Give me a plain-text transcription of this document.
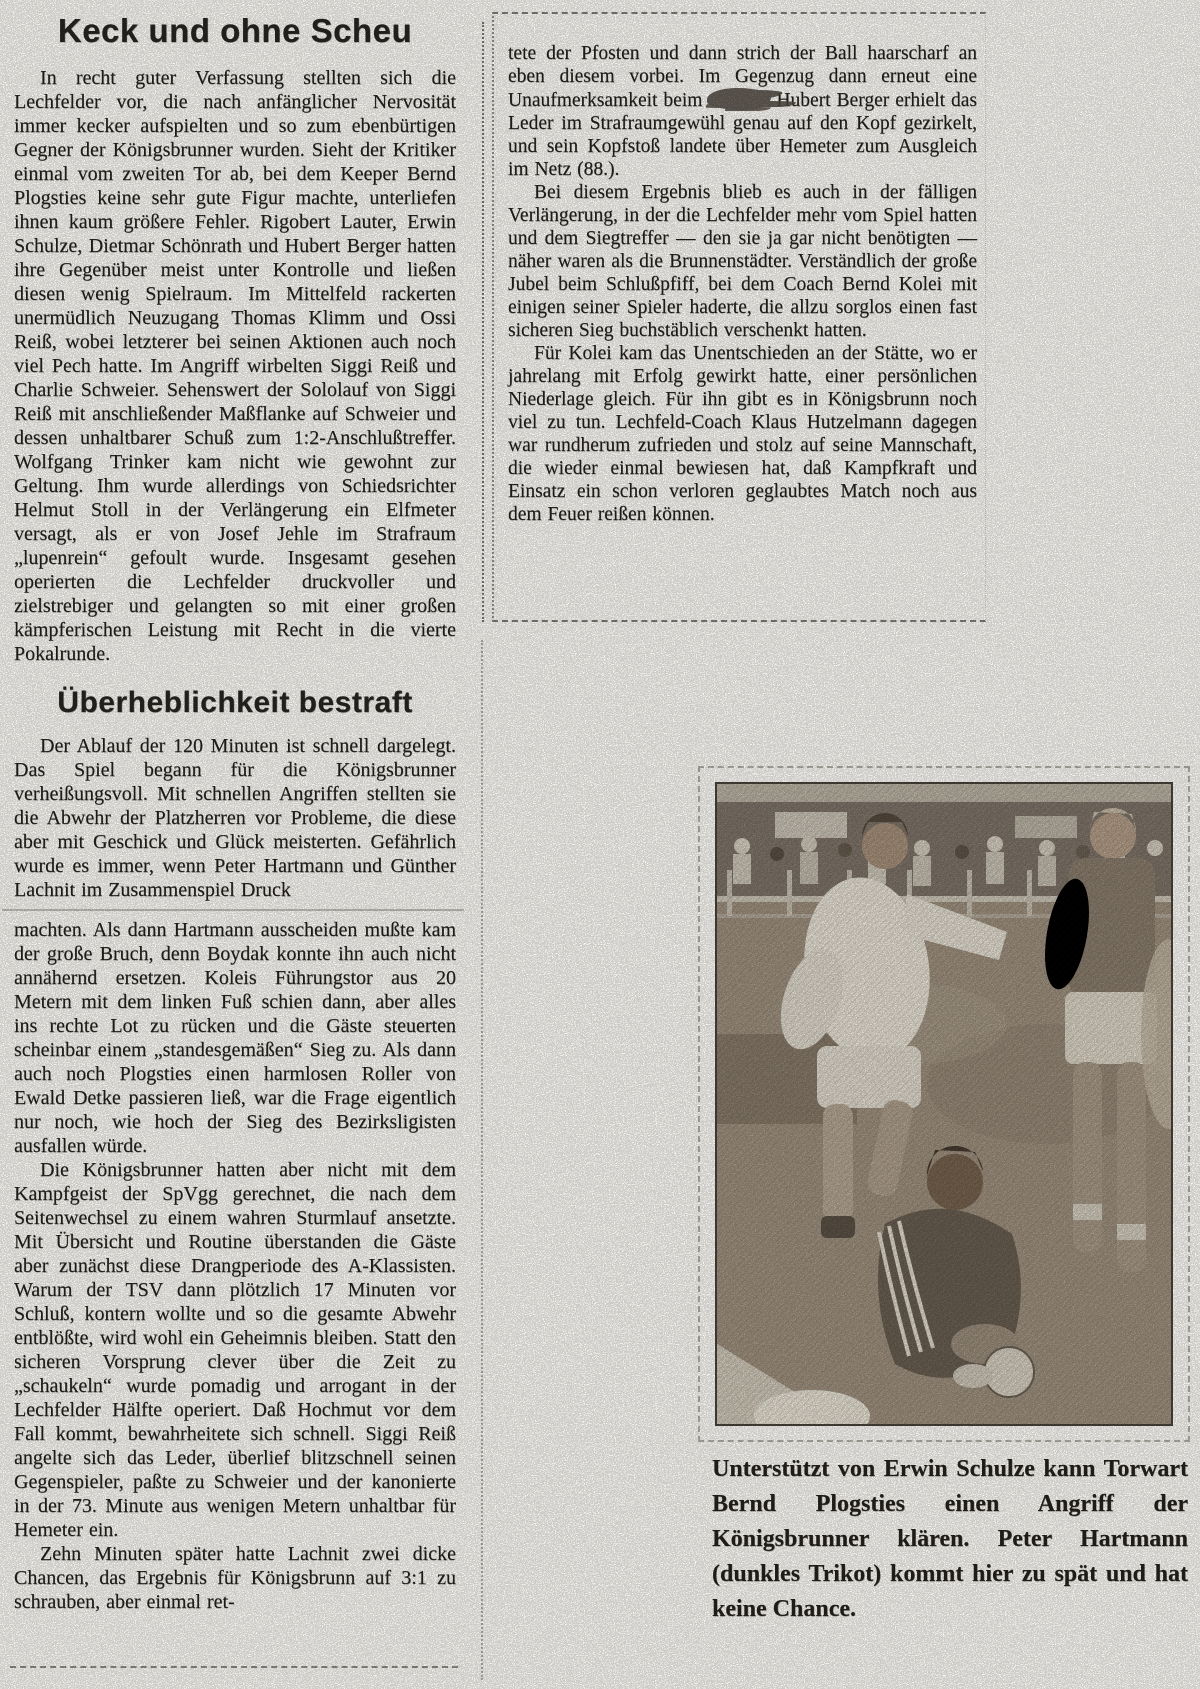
Keck und ohne Scheu

In recht guter Verfassung stellten sich die Lechfelder vor, die nach anfänglicher Nervosität immer kecker aufspielten und so zum ebenbürtigen Gegner der Königsbrunner wurden. Sieht der Kritiker einmal vom zweiten Tor ab, bei dem Keeper Bernd Plogsties keine sehr gute Figur machte, unterliefen ihnen kaum größere Fehler. Rigobert Lauter, Erwin Schulze, Dietmar Schönrath und Hubert Berger hatten ihre Gegenüber meist unter Kontrolle und ließen diesen wenig Spielraum. Im Mittelfeld rackerten unermüdlich Neuzugang Thomas Klimm und Ossi Reiß, wobei letzterer bei seinen Aktionen auch noch viel Pech hatte. Im Angriff wirbelten Siggi Reiß und Charlie Schweier. Sehenswert der Sololauf von Siggi Reiß mit anschließender Maßflanke auf Schweier und dessen unhaltbarer Schuß zum 1:2-Anschlußtreffer. Wolfgang Trinker kam nicht wie gewohnt zur Geltung. Ihm wurde allerdings von Schiedsrichter Helmut Stoll in der Verlängerung ein Elfmeter versagt, als er von Josef Jehle im Strafraum „lupenrein“ gefoult wurde. Insgesamt gesehen operierten die Lechfelder druckvoller und zielstrebiger und gelangten so mit einer großen kämpferischen Leistung mit Recht in die vierte Pokalrunde.

Überheblichkeit bestraft

Der Ablauf der 120 Minuten ist schnell dargelegt. Das Spiel begann für die Königsbrunner verheißungsvoll. Mit schnellen Angriffen stellten sie die Abwehr der Platzherren vor Probleme, die diese aber mit Geschick und Glück meisterten. Gefährlich wurde es immer, wenn Peter Hartmann und Günther Lachnit im Zusammenspiel Druck

machten. Als dann Hartmann ausscheiden mußte kam der große Bruch, denn Boydak konnte ihn auch nicht annähernd ersetzen. Koleis Führungstor aus 20 Metern mit dem linken Fuß schien dann, aber alles ins rechte Lot zu rücken und die Gäste steuerten scheinbar einem „standesgemäßen“ Sieg zu. Als dann auch noch Plogsties einen harmlosen Roller von Ewald Detke passieren ließ, war die Frage eigentlich nur noch, wie hoch der Sieg des Bezirksligisten ausfallen würde.

Die Königsbrunner hatten aber nicht mit dem Kampfgeist der SpVgg gerechnet, die nach dem Seitenwechsel zu einem wahren Sturmlauf ansetzte. Mit Übersicht und Routine überstanden die Gäste aber zunächst diese Drangperiode des A-Klassisten. Warum der TSV dann plötzlich 17 Minuten vor Schluß, kontern wollte und so die gesamte Abwehr entblößte, wird wohl ein Geheimnis bleiben. Statt den sicheren Vorsprung clever über die Zeit zu „schaukeln“ wurde pomadig und arrogant in der Lechfelder Hälfte operiert. Daß Hochmut vor dem Fall kommt, bewahrheitete sich schnell. Siggi Reiß angelte sich das Leder, überlief blitzschnell seinen Gegenspieler, paßte zu Schweier und der kanonierte in der 73. Minute aus wenigen Metern unhaltbar für Hemeter ein.

Zehn Minuten später hatte Lachnit zwei dicke Chancen, das Ergebnis für Königsbrunn auf 3:1 zu schrauben, aber einmal ret-

tete der Pfosten und dann strich der Ball haarscharf an eben diesem vorbei. Im Gegenzug dann erneut eine Unaufmerksamkeit beim	Hubert Berger erhielt das Leder im Strafraumgewühl genau auf den Kopf gezirkelt, und sein Kopfstoß landete über Hemeter zum Ausgleich im Netz (88.).

Bei diesem Ergebnis blieb es auch in der fälligen Verlängerung, in der die Lechfelder mehr vom Spiel hatten und dem Siegtreffer — den sie ja gar nicht benötigten — näher waren als die Brunnenstädter. Verständlich der große Jubel beim Schlußpfiff, bei dem Coach Bernd Kolei mit einigen seiner Spieler haderte, die allzu sorglos einen fast sicheren Sieg buchstäblich verschenkt hatten.

Für Kolei kam das Unentschieden an der Stätte, wo er jahrelang mit Erfolg gewirkt hatte, einer persönlichen Niederlage gleich. Für ihn gibt es in Königsbrunn noch viel zu tun. Lechfeld-Coach Klaus Hutzelmann dagegen war rundherum zufrieden und stolz auf seine Mannschaft, die wieder einmal bewiesen hat, daß Kampfkraft und Einsatz ein schon verloren geglaubtes Match noch aus dem Feuer reißen können.

Unterstützt von Erwin Schulze kann Torwart Bernd Plogsties einen Angriff der Königsbrunner klären. Peter Hartmann (dunkles Trikot) kommt hier zu spät und hat keine Chance.
